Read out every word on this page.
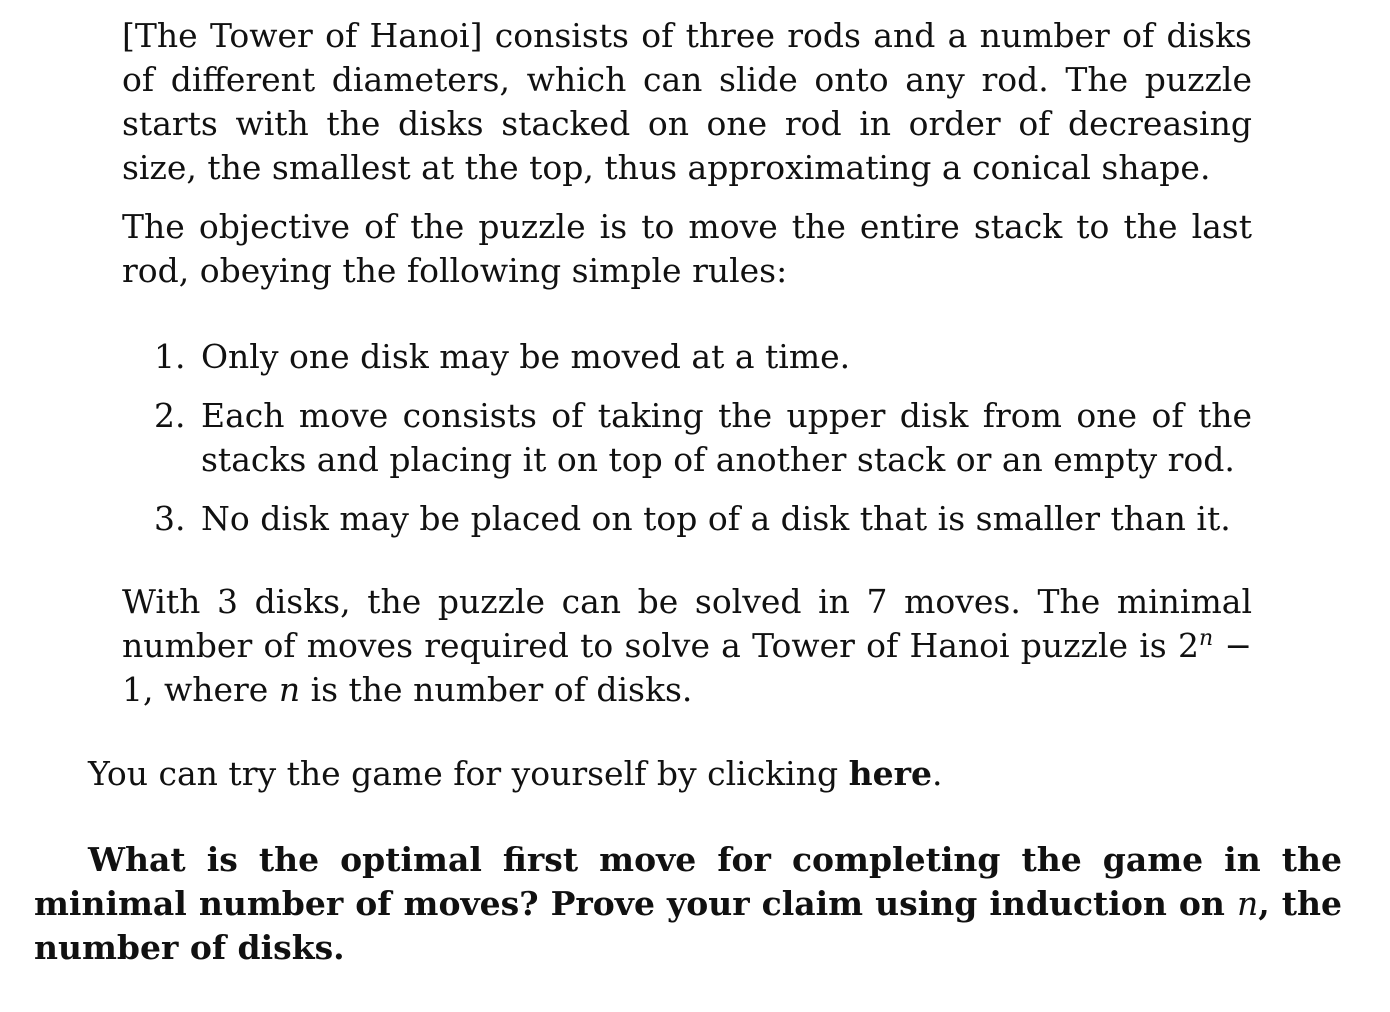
[The Tower of Hanoi] consists of three rods and a number of disks of different diameters, which can slide onto any rod. The puzzle starts with the disks stacked on one rod in order of decreasing size, the smallest at the top, thus approximating a conical shape.

The objective of the puzzle is to move the entire stack to the last rod, obeying the following simple rules:

1. Only one disk may be moved at a time.
2. Each move consists of taking the upper disk from one of the stacks and placing it on top of another stack or an empty rod.
3. No disk may be placed on top of a disk that is smaller than it.

With 3 disks, the puzzle can be solved in 7 moves. The minimal number of moves required to solve a Tower of Hanoi puzzle is $2^n - 1$, where n is the number of disks.

You can try the game for yourself by clicking here.

What is the optimal first move for completing the game in the minimal number of moves? Prove your claim using induction on n, the number of disks.
